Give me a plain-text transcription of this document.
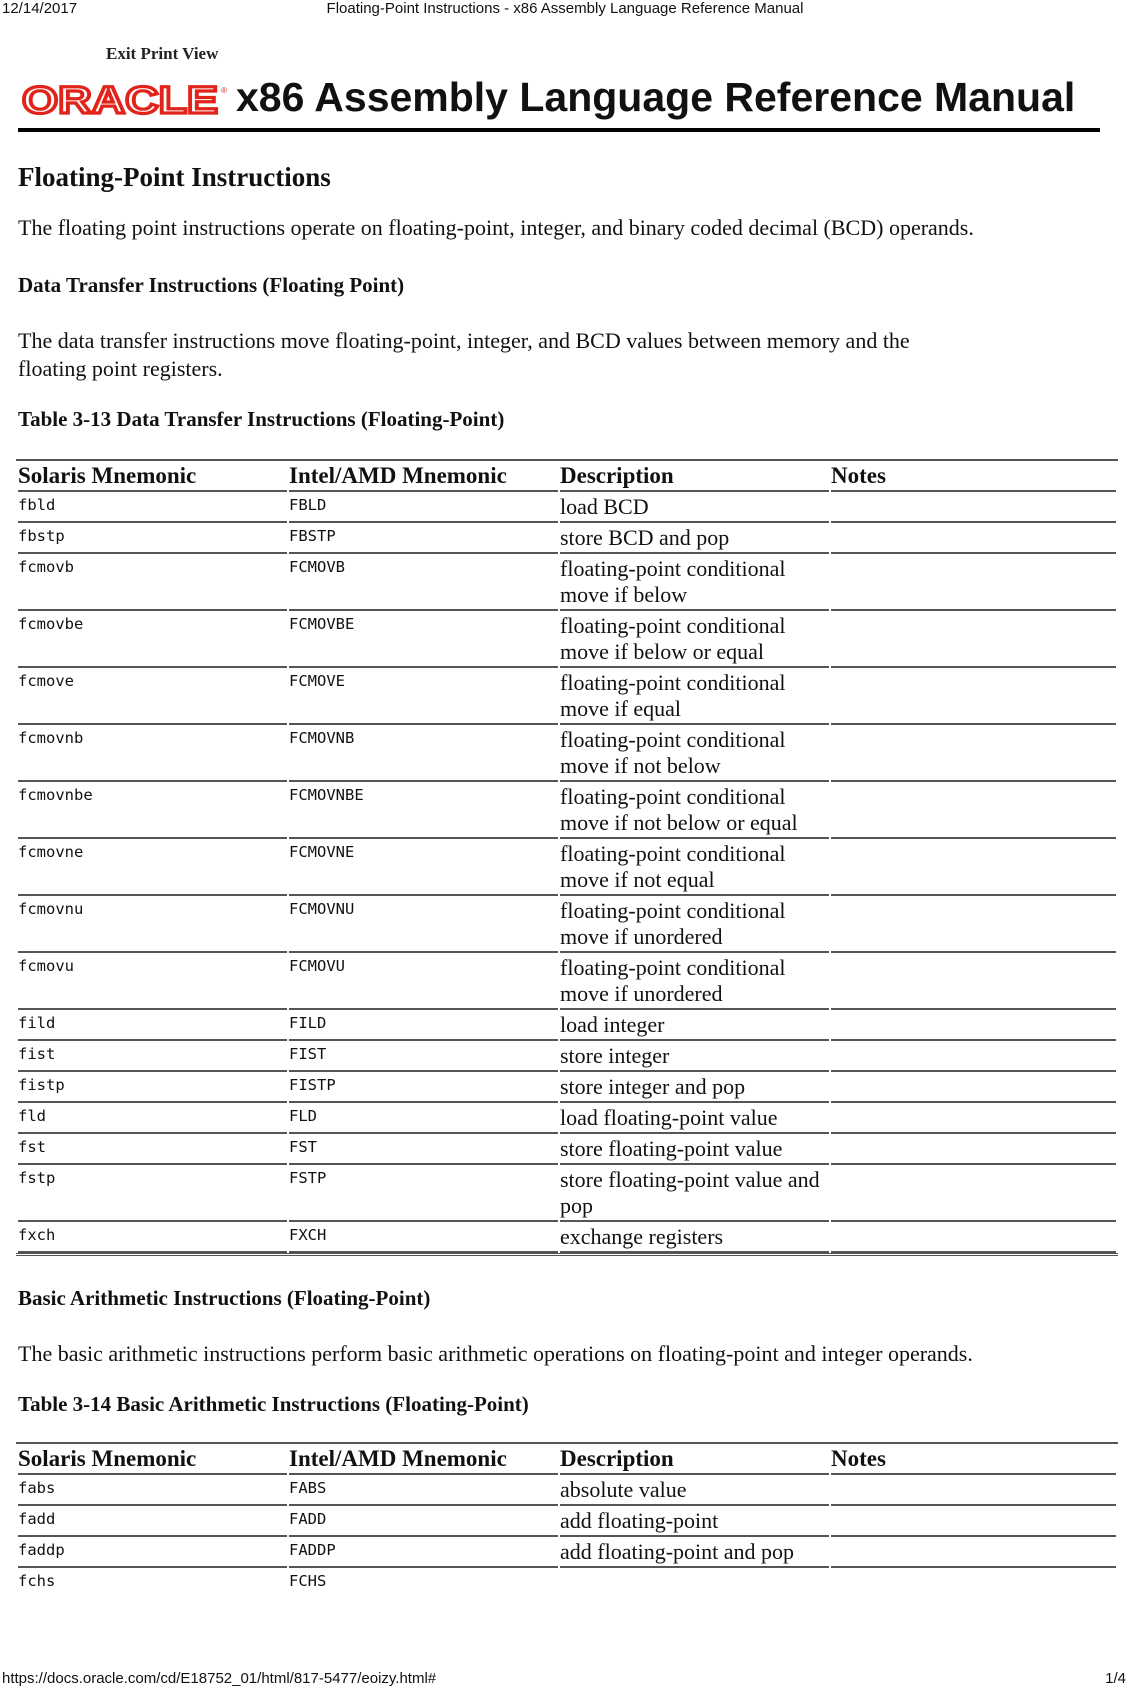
12/14/2017	Floating-Point Instructions - x86 Assembly Language Reference Manual
Exit Print View
ORACLE ® x86 Assembly Language Reference Manual
Floating-Point Instructions

The floating point instructions operate on floating-point, integer, and binary coded decimal (BCD) operands.

Data Transfer Instructions (Floating Point)

The data transfer instructions move floating-point, integer, and BCD values between memory and the floating point registers.

Table 3-13 Data Transfer Instructions (Floating-Point)
Solaris Mnemonic	Intel/AMD Mnemonic	Description	Notes
fbld	FBLD	load BCD	
fbstp	FBSTP	store BCD and pop	
fcmovb	FCMOVB	floating-point conditional move if below	
fcmovbe	FCMOVBE	floating-point conditional move if below or equal	
fcmove	FCMOVE	floating-point conditional move if equal	
fcmovnb	FCMOVNB	floating-point conditional move if not below	
fcmovnbe	FCMOVNBE	floating-point conditional move if not below or equal	
fcmovne	FCMOVNE	floating-point conditional move if not equal	
fcmovnu	FCMOVNU	floating-point conditional move if unordered	
fcmovu	FCMOVU	floating-point conditional move if unordered	
fild	FILD	load integer	
fist	FIST	store integer	
fistp	FISTP	store integer and pop	
fld	FLD	load floating-point value	
fst	FST	store floating-point value	
fstp	FSTP	store floating-point value and pop	
fxch	FXCH	exchange registers	
Basic Arithmetic Instructions (Floating-Point)

The basic arithmetic instructions perform basic arithmetic operations on floating-point and integer operands.

Table 3-14 Basic Arithmetic Instructions (Floating-Point)
Solaris Mnemonic	Intel/AMD Mnemonic	Description	Notes
fabs	FABS	absolute value	
fadd	FADD	add floating-point	
faddp	FADDP	add floating-point and pop	
fchs	FCHS		
https://docs.oracle.com/cd/E18752_01/html/817-5477/eoizy.html#	1/4
